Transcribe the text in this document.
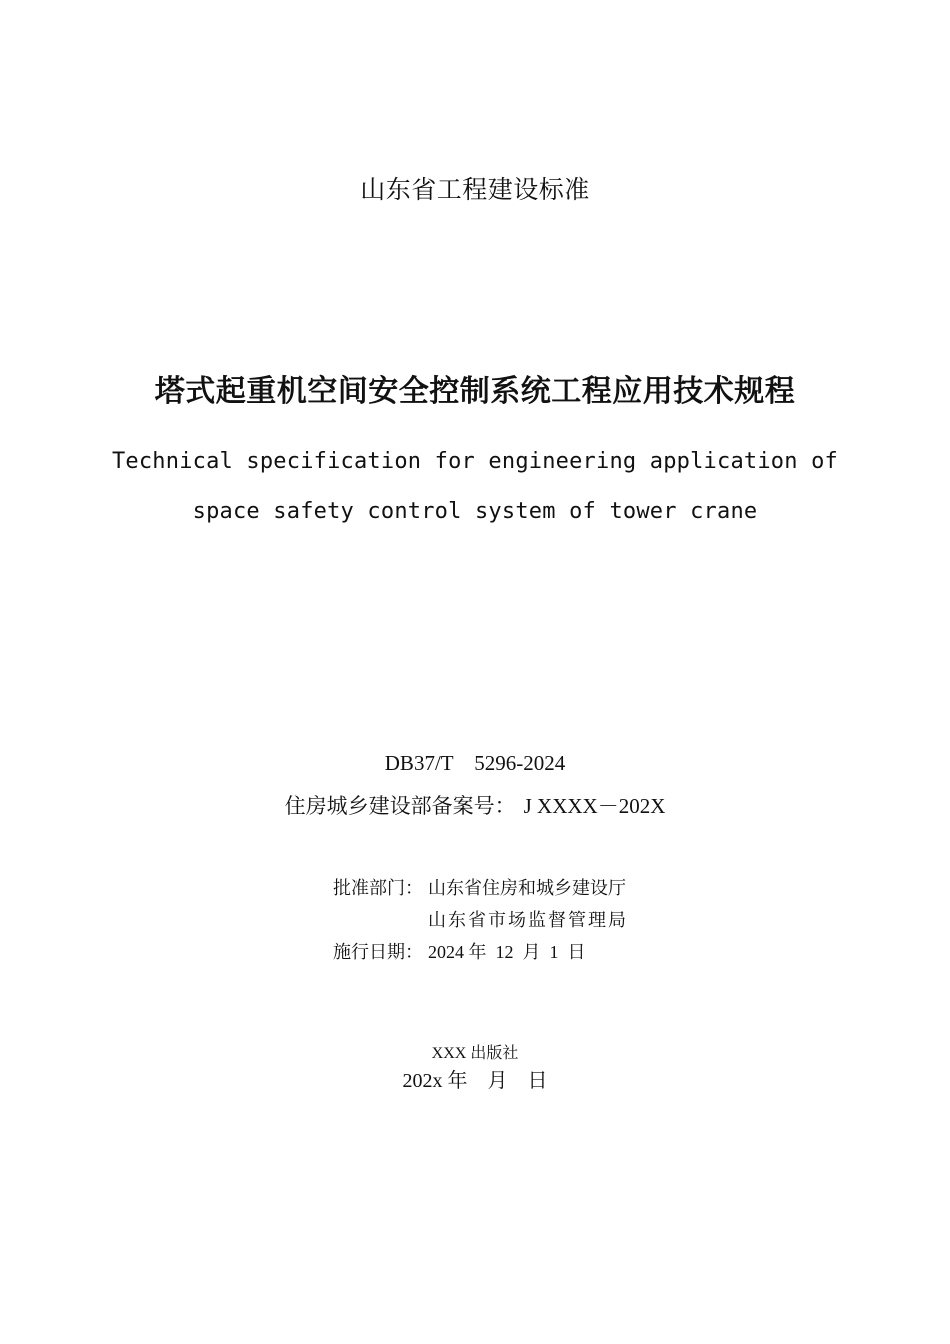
山东省工程建设标准
塔式起重机空间安全控制系统工程应用技术规程
Technical specification for engineering application of
space safety control system of tower crane
DB37/T　5296-2024
住房城乡建设部备案号： J XXXX－202X
批准部门： 山东省住房和城乡建设厅
山东省市场监督管理局
施行日期： 2024 年  12  月  1  日
XXX 出版社
202x 年　月　日
